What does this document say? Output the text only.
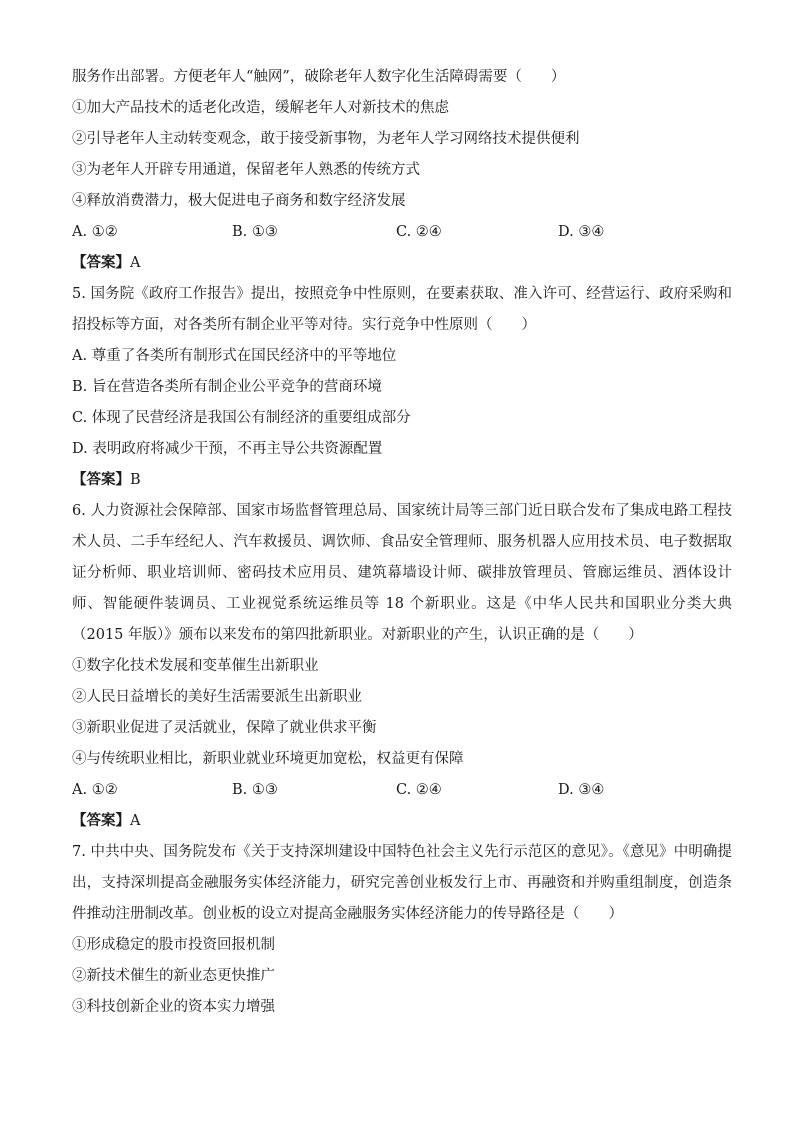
服务作出部署。方便老年人“触网”，破除老年人数字化生活障碍需要（　　）
①加大产品技术的适老化改造，缓解老年人对新技术的焦虑
②引导老年人主动转变观念，敢于接受新事物，为老年人学习网络技术提供便利
③为老年人开辟专用通道，保留老年人熟悉的传统方式
④释放消费潜力，极大促进电子商务和数字经济发展
A. ①②	B. ①③	C. ②④	D. ③④
【答案】A
5. 国务院《政府工作报告》提出，按照竞争中性原则，在要素获取、准入许可、经营运行、政府采购和招投标等方面，对各类所有制企业平等对待。实行竞争中性原则（　　）
A. 尊重了各类所有制形式在国民经济中的平等地位
B. 旨在营造各类所有制企业公平竞争的营商环境
C. 体现了民营经济是我国公有制经济的重要组成部分
D. 表明政府将减少干预，不再主导公共资源配置
【答案】B
6. 人力资源社会保障部、国家市场监督管理总局、国家统计局等三部门近日联合发布了集成电路工程技术人员、二手车经纪人、汽车救援员、调饮师、食品安全管理师、服务机器人应用技术员、电子数据取证分析师、职业培训师、密码技术应用员、建筑幕墙设计师、碳排放管理员、管廊运维员、酒体设计师、智能硬件装调员、工业视觉系统运维员等 18 个新职业。这是《中华人民共和国职业分类大典（2015 年版）》颁布以来发布的第四批新职业。对新职业的产生，认识正确的是（　　）
①数字化技术发展和变革催生出新职业
②人民日益增长的美好生活需要派生出新职业
③新职业促进了灵活就业，保障了就业供求平衡
④与传统职业相比，新职业就业环境更加宽松，权益更有保障
A. ①②	B. ①③	C. ②④	D. ③④
【答案】A
7. 中共中央、国务院发布《关于支持深圳建设中国特色社会主义先行示范区的意见》。《意见》中明确提出，支持深圳提高金融服务实体经济能力，研究完善创业板发行上市、再融资和并购重组制度，创造条件推动注册制改革。创业板的设立对提高金融服务实体经济能力的传导路径是（　　）
①形成稳定的股市投资回报机制
②新技术催生的新业态更快推广
③科技创新企业的资本实力增强
